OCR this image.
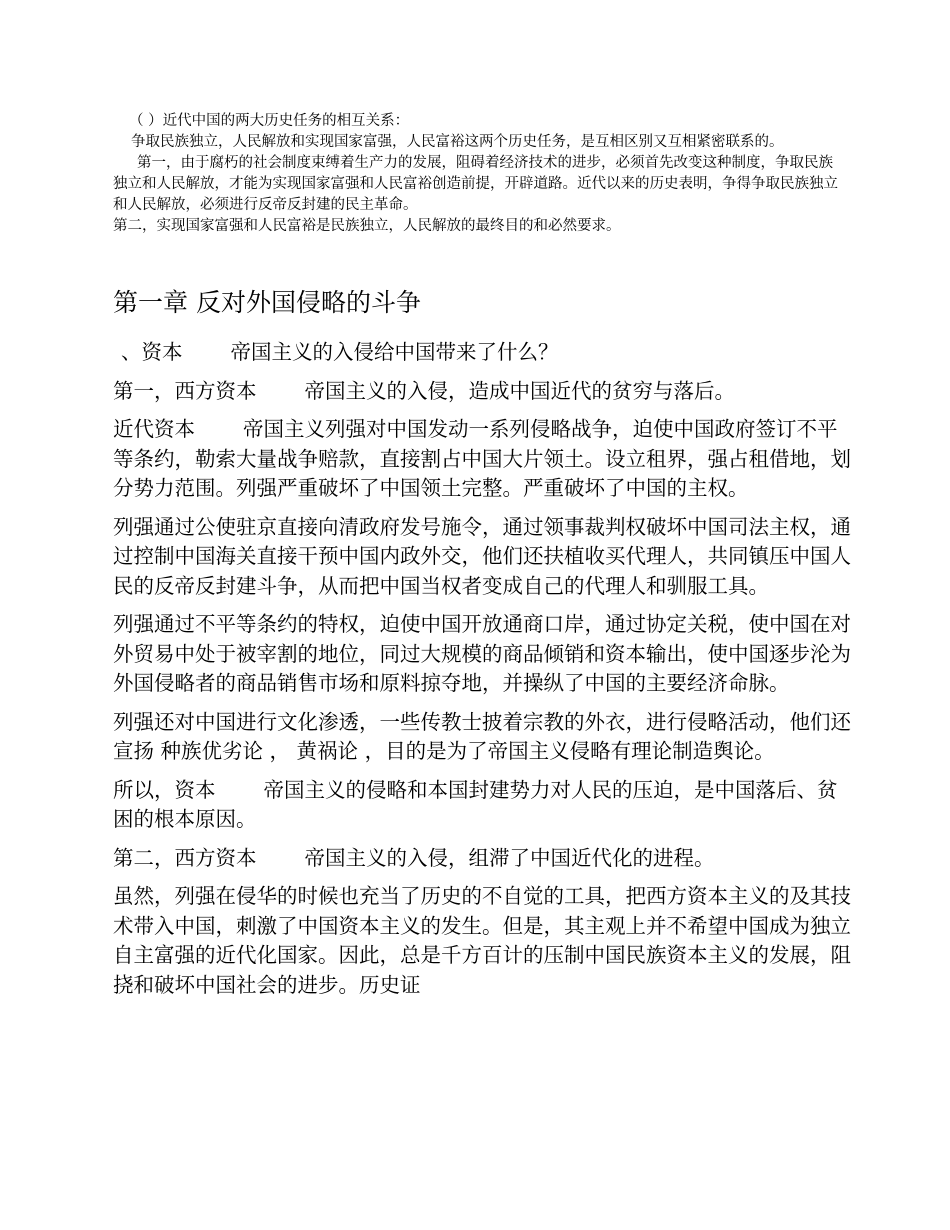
（ ）近代中国的两大历史任务的相互关系：

争取民族独立，人民解放和实现国家富强，人民富裕这两个历史任务，是互相区别又互相紧密联系的。

第一，由于腐朽的社会制度束缚着生产力的发展，阻碍着经济技术的进步，必须首先改变这种制度，争取民族独立和人民解放，才能为实现国家富强和人民富裕创造前提，开辟道路。近代以来的历史表明，争得争取民族独立和人民解放，必须进行反帝反封建的民主革命。

第二，实现国家富强和人民富裕是民族独立，人民解放的最终目的和必然要求。

第一章 反对外国侵略的斗争

、资本 帝国主义的入侵给中国带来了什么？

第一，西方资本 帝国主义的入侵，造成中国近代的贫穷与落后。

近代资本 帝国主义列强对中国发动一系列侵略战争，迫使中国政府签订不平等条约，勒索大量战争赔款，直接割占中国大片领土。设立租界，强占租借地，划分势力范围。列强严重破坏了中国领土完整。严重破坏了中国的主权。

列强通过公使驻京直接向清政府发号施令，通过领事裁判权破坏中国司法主权，通过控制中国海关直接干预中国内政外交，他们还扶植收买代理人，共同镇压中国人民的反帝反封建斗争，从而把中国当权者变成自己的代理人和驯服工具。

列强通过不平等条约的特权，迫使中国开放通商口岸，通过协定关税，使中国在对外贸易中处于被宰割的地位，同过大规模的商品倾销和资本输出，使中国逐步沦为外国侵略者的商品销售市场和原料掠夺地，并操纵了中国的主要经济命脉。

列强还对中国进行文化渗透，一些传教士披着宗教的外衣，进行侵略活动，他们还宣扬 种族优劣论 ， 黄祸论 ，目的是为了帝国主义侵略有理论制造舆论。

所以，资本 帝国主义的侵略和本国封建势力对人民的压迫，是中国落后、贫困的根本原因。

第二，西方资本 帝国主义的入侵，组滞了中国近代化的进程。

虽然，列强在侵华的时候也充当了历史的不自觉的工具，把西方资本主义的及其技术带入中国，刺激了中国资本主义的发生。但是，其主观上并不希望中国成为独立自主富强的近代化国家。因此，总是千方百计的压制中国民族资本主义的发展，阻挠和破坏中国社会的进步。历史证
